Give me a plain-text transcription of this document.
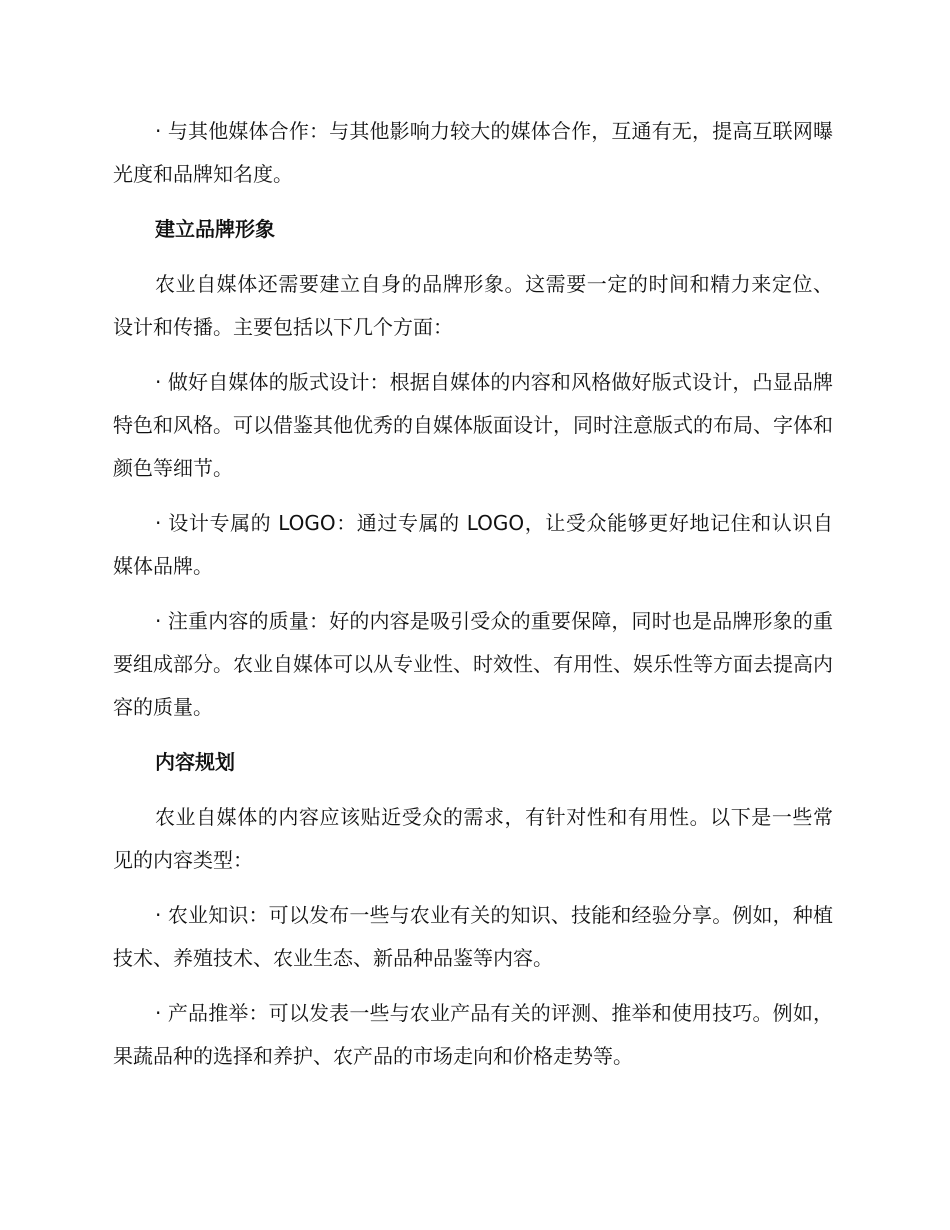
· 与其他媒体合作：与其他影响力较大的媒体合作，互通有无，提高互联网曝光度和品牌知名度。

建立品牌形象

农业自媒体还需要建立自身的品牌形象。这需要一定的时间和精力来定位、设计和传播。主要包括以下几个方面：

· 做好自媒体的版式设计：根据自媒体的内容和风格做好版式设计，凸显品牌特色和风格。可以借鉴其他优秀的自媒体版面设计，同时注意版式的布局、字体和颜色等细节。

· 设计专属的 LOGO：通过专属的 LOGO，让受众能够更好地记住和认识自媒体品牌。

· 注重内容的质量：好的内容是吸引受众的重要保障，同时也是品牌形象的重要组成部分。农业自媒体可以从专业性、时效性、有用性、娱乐性等方面去提高内容的质量。

内容规划

农业自媒体的内容应该贴近受众的需求，有针对性和有用性。以下是一些常见的内容类型：

· 农业知识：可以发布一些与农业有关的知识、技能和经验分享。例如，种植技术、养殖技术、农业生态、新品种品鉴等内容。

· 产品推举：可以发表一些与农业产品有关的评测、推举和使用技巧。例如，果蔬品种的选择和养护、农产品的市场走向和价格走势等。
